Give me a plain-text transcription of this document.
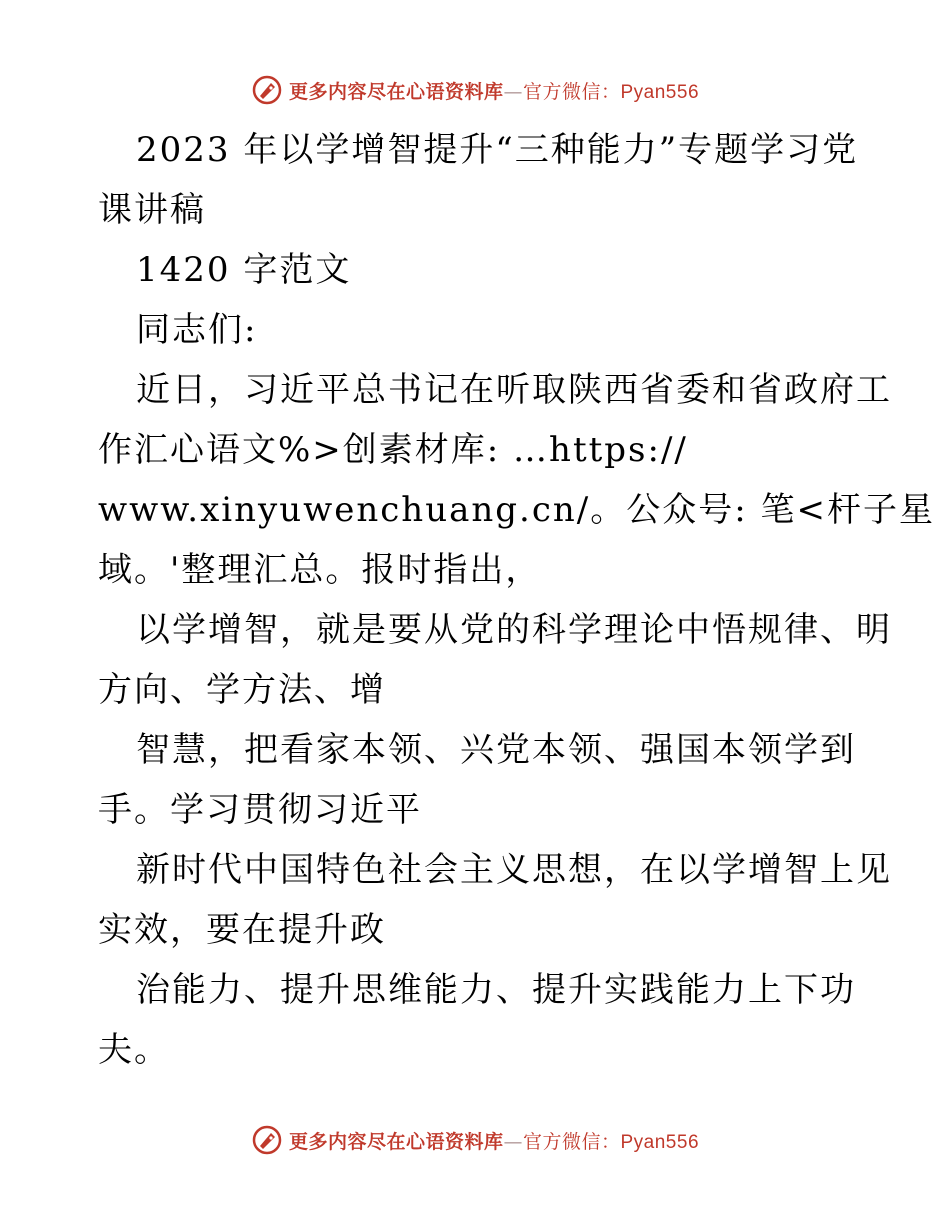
更多内容尽在心语资料库—官方微信：Pyan556
2023 年以学增智提升“三种能力”专题学习党
课讲稿
1420 字范文
同志们:
近日，习近平总书记在听取陕西省委和省政府工
作汇心语文%>创素材库: …https://
www.xinyuwenchuang.cn/。公众号: 笔<杆子星
域。'整理汇总。报时指出，
以学增智，就是要从党的科学理论中悟规律、明
方向、学方法、增
智慧，把看家本领、兴党本领、强国本领学到
手。学习贯彻习近平
新时代中国特色社会主义思想，在以学增智上见
实效，要在提升政
治能力、提升思维能力、提升实践能力上下功
夫。
更多内容尽在心语资料库—官方微信：Pyan556
